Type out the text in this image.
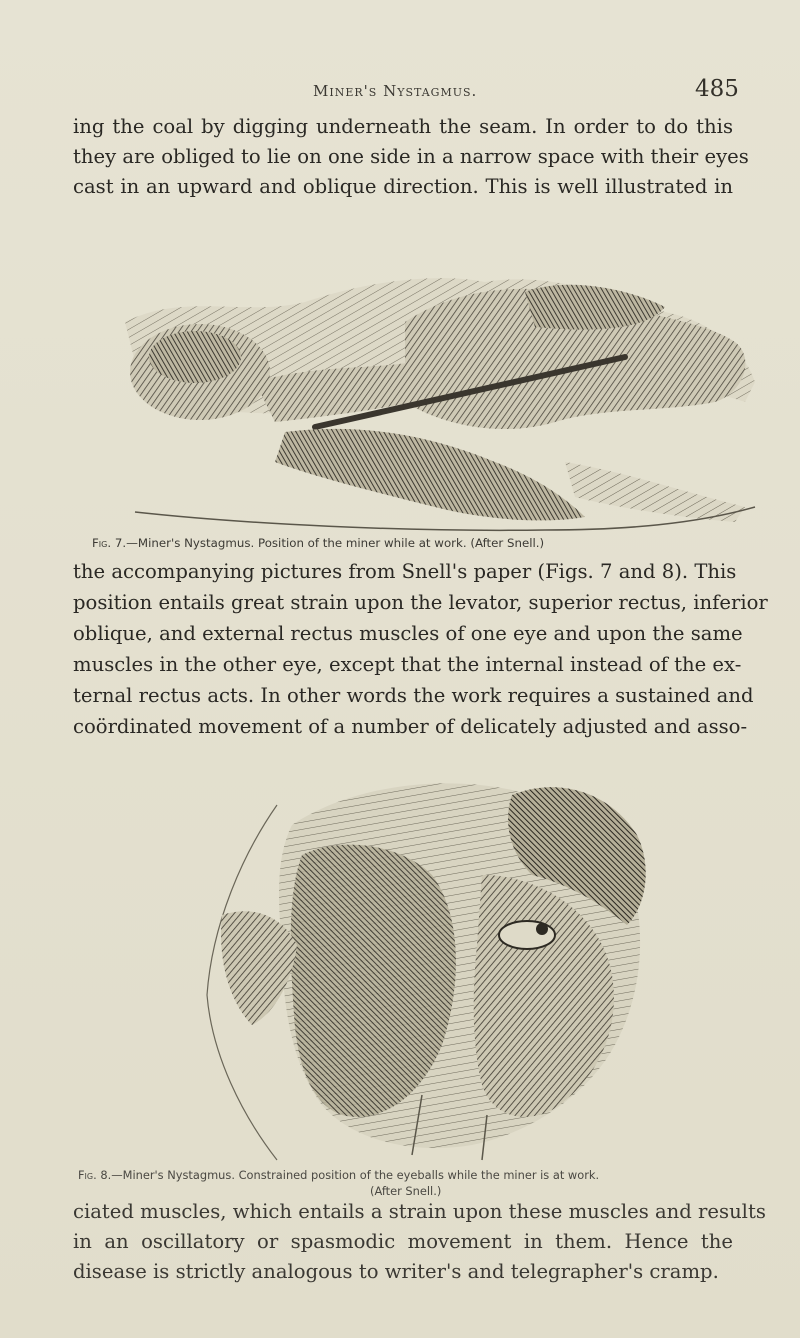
Miner's Nystagmus.	485

ing the coal by digging underneath the seam. In order to do this
they are obliged to lie on one side in a narrow space with their eyes
cast in an upward and oblique direction. This is well illustrated in

Fig. 7.—Miner's Nystagmus. Position of the miner while at work. (After Snell.)

the accompanying pictures from Snell's paper (Figs. 7 and 8). This
position entails great strain upon the levator, superior rectus, inferior
oblique, and external rectus muscles of one eye and upon the same
muscles in the other eye, except that the internal instead of the ex-
ternal rectus acts. In other words the work requires a sustained and
coördinated movement of a number of delicately adjusted and asso-

Fig. 8.—Miner's Nystagmus. Constrained position of the eyeballs while the miner is at work.
(After Snell.)

ciated muscles, which entails a strain upon these muscles and results
in an oscillatory or spasmodic movement in them. Hence the
disease is strictly analogous to writer's and telegrapher's cramp.
